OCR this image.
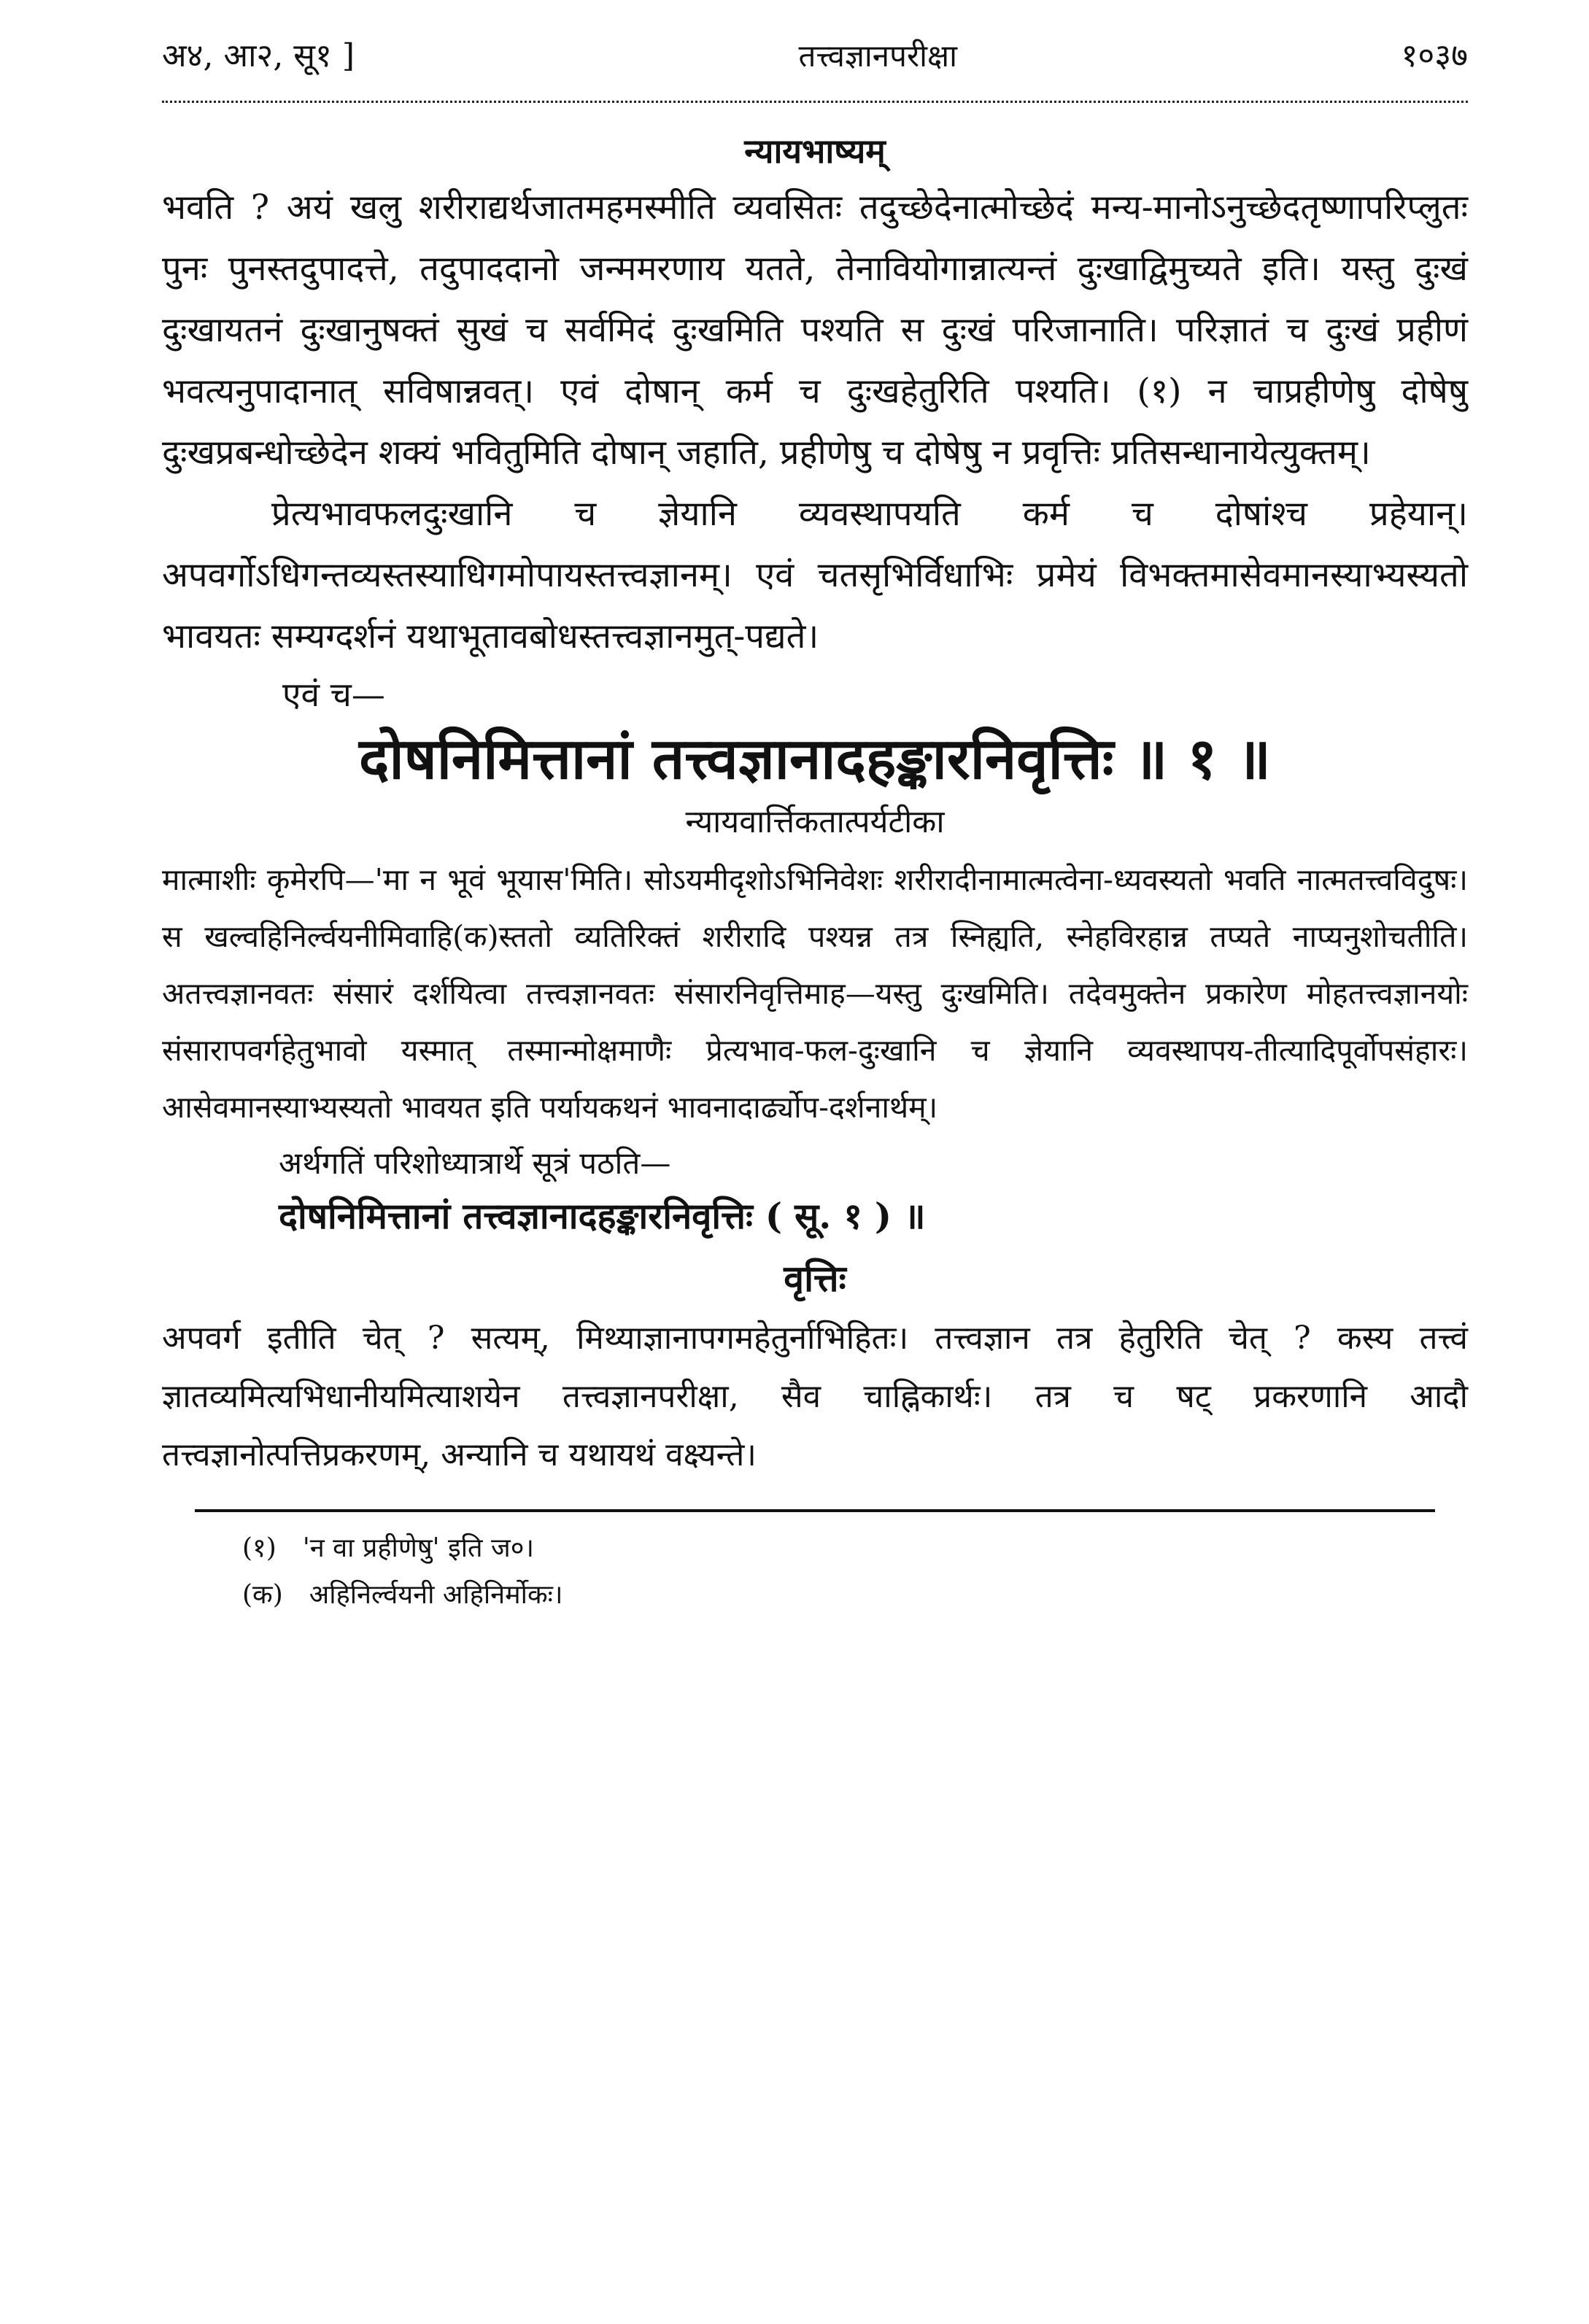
अ४, आ२, सू१ ]	तत्त्वज्ञानपरीक्षा	१०३७
न्यायभाष्यम्

भवति ? अयं खलु शरीराद्यर्थजातमहमस्मीति व्यवसितः तदुच्छेदेनात्मोच्छेदं मन्य-मानोऽनुच्छेदतृष्णापरिप्लुतः पुनः पुनस्तदुपादत्ते, तदुपाददानो जन्ममरणाय यतते, तेनावियोगान्नात्यन्तं दुःखाद्विमुच्यते इति। यस्तु दुःखं दुःखायतनं दुःखानुषक्तं सुखं च सर्वमिदं दुःखमिति पश्यति स दुःखं परिजानाति। परिज्ञातं च दुःखं प्रहीणं भवत्यनुपादानात् सविषान्नवत्। एवं दोषान् कर्म च दुःखहेतुरिति पश्यति। (१) न चाप्रहीणेषु दोषेषु दुःखप्रबन्धोच्छेदेन शक्यं भवितुमिति दोषान् जहाति, प्रहीणेषु च दोषेषु न प्रवृत्तिः प्रतिसन्धानायेत्युक्तम्।

प्रेत्यभावफलदुःखानि च ज्ञेयानि व्यवस्थापयति कर्म च दोषांश्च प्रहेयान्। अपवर्गोऽधिगन्तव्यस्तस्याधिगमोपायस्तत्त्वज्ञानम्। एवं चतसृभिर्विधाभिः प्रमेयं विभक्तमासेवमानस्याभ्यस्यतो भावयतः सम्यग्दर्शनं यथाभूतावबोधस्तत्त्वज्ञानमुत्-पद्यते।

एवं च—

दोषनिमित्तानां तत्त्वज्ञानादहङ्कारनिवृत्तिः ॥ १ ॥
न्यायवार्त्तिकतात्पर्यटीका

मात्माशीः कृमेरपि—'मा न भूवं भूयास'मिति। सोऽयमीदृशोऽभिनिवेशः शरीरादीनामात्मत्वेना-ध्यवस्यतो भवति नात्मतत्त्वविदुषः। स खल्वहिनिर्ल्वयनीमिवाहि(क)स्ततो व्यतिरिक्तं शरीरादि पश्यन्न तत्र स्निह्यति, स्नेहविरहान्न तप्यते नाप्यनुशोचतीति। अतत्त्वज्ञानवतः संसारं दर्शयित्वा तत्त्वज्ञानवतः संसारनिवृत्तिमाह—यस्तु दुःखमिति। तदेवमुक्तेन प्रकारेण मोहतत्त्वज्ञानयोः संसारापवर्गहेतुभावो यस्मात् तस्मान्मोक्षमाणैः प्रेत्यभाव-फल-दुःखानि च ज्ञेयानि व्यवस्थापय-तीत्यादिपूर्वोपसंहारः। आसेवमानस्याभ्यस्यतो भावयत इति पर्यायकथनं भावनादार्ढ्योप-दर्शनार्थम्।

अर्थगतिं परिशोध्यात्रार्थे सूत्रं पठति—

दोषनिमित्तानां तत्त्वज्ञानादहङ्कारनिवृत्तिः ( सू. १ ) ॥

वृत्तिः

अपवर्ग इतीति चेत् ? सत्यम्, मिथ्याज्ञानापगमहेतुर्नाभिहितः। तत्त्वज्ञान तत्र हेतुरिति चेत् ? कस्य तत्त्वं ज्ञातव्यमित्यभिधानीयमित्याशयेन तत्त्वज्ञानपरीक्षा, सैव चाह्निकार्थः। तत्र च षट् प्रकरणानि आदौ तत्त्वज्ञानोत्पत्तिप्रकरणम्, अन्यानि च यथायथं वक्ष्यन्ते।

(१) 'न वा प्रहीणेषु' इति ज०।
(क) अहिनिर्ल्वयनी अहिनिर्मोकः।
